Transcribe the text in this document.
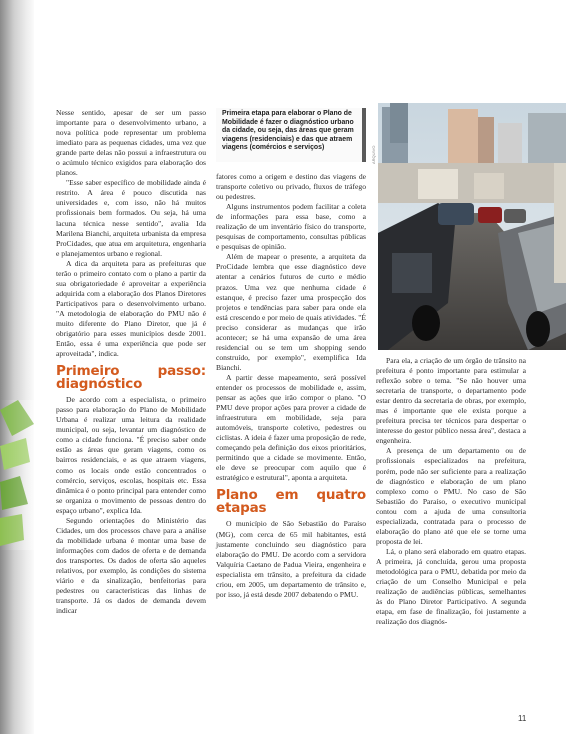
Nesse sentido, apesar de ser um passo importante para o desenvolvimento urbano, a nova política pode representar um problema imediato para as pequenas cidades, uma vez que grande parte delas não possui a infraestrutura ou o acúmulo técnico exigidos para elaboração dos planos.

"Esse saber específico de mobilidade ainda é restrito. A área é pouco discutida nas universidades e, com isso, não há muitos profissionais bem formados. Ou seja, há uma lacuna técnica nesse sentido", avalia Ida Marilena Bianchi, arquiteta urbanista da empresa ProCidades, que atua em arquitetura, engenharia e planejamentos urbano e regional.

A dica da arquiteta para as prefeituras que terão o primeiro contato com o plano a partir da sua obrigatoriedade é aproveitar a experiência adquirida com a elaboração dos Planos Diretores Participativos para o desenvolvimento urbano. "A metodologia de elaboração do PMU não é muito diferente do Plano Diretor, que já é obrigatório para esses municípios desde 2001. Então, essa é uma experiência que pode ser aproveitada", indica.

Primeiro passo: diagnóstico

De acordo com a especialista, o primeiro passo para elaboração do Plano de Mobilidade Urbana é realizar uma leitura da realidade municipal, ou seja, levantar um diagnóstico de como a cidade funciona. "É preciso saber onde estão as áreas que geram viagens, como os bairros residenciais, e as que atraem viagens, como os locais onde estão concentrados o comércio, serviços, escolas, hospitais etc. Essa dinâmica é o ponto principal para entender como se organiza o movimento de pessoas dentro do espaço urbano", explica Ida.

Segundo orientações do Ministério das Cidades, um dos processos chave para a análise da mobilidade urbana é montar uma base de informações com dados de oferta e de demanda dos transportes. Os dados de oferta são aqueles relativos, por exemplo, às condições do sistema viário e da sinalização, benfeitorias para pedestres ou características das linhas de transporte. Já os dados de demanda devem indicar

Primeira etapa para elaborar o Plano de Mobilidade é fazer o diagnóstico urbano da cidade, ou seja, das áreas que geram viagens (residenciais) e das que atraem viagens (comércios e serviços)

fatores como a origem e destino das viagens de transporte coletivo ou privado, fluxos de tráfego ou pedestres.

Alguns instrumentos podem facilitar a coleta de informações para essa base, como a realização de um inventário físico do transporte, pesquisas de comportamento, consultas públicas e pesquisas de opinião.

Além de mapear o presente, a arquiteta da ProCidade lembra que esse diagnóstico deve atentar a cenários futuros de curto e médio prazos. Uma vez que nenhuma cidade é estanque, é preciso fazer uma prospecção dos projetos e tendências para saber para onde ela está crescendo e por meio de quais atividades. "É preciso considerar as mudanças que irão acontecer; se há uma expansão de uma área residencial ou se tem um shopping sendo construído, por exemplo", exemplifica Ida Bianchi.

A partir desse mapeamento, será possível entender os processos de mobilidade e, assim, pensar as ações que irão compor o plano. "O PMU deve propor ações para prover a cidade de infraestrutura em mobilidade, seja para automóveis, transporte coletivo, pedestres ou ciclistas. A ideia é fazer uma proposição de rede, começando pela definição dos eixos prioritários, permitindo que a cidade se movimente. Então, ele deve se preocupar com aquilo que é estratégico e estrutural", aponta a arquiteta.

Plano em quatro etapas

O município de São Sebastião do Paraíso (MG), com cerca de 65 mil habitantes, está justamente concluindo seu diagnóstico para elaboração do PMU. De acordo com a servidora Valquíria Caetano de Padua Vieira, engenheira e especialista em trânsito, a prefeitura da cidade criou, em 2005, um departamento de trânsito e, por isso, já está desde 2007 debatendo o PMU.

ARQUIVO

Para ela, a criação de um órgão de trânsito na prefeitura é ponto importante para estimular a reflexão sobre o tema. "Se não houver uma secretaria de transporte, o departamento pode estar dentro da secretaria de obras, por exemplo, mas é importante que ele exista porque a prefeitura precisa ter técnicos para despertar o interesse do gestor público nessa área", destaca a engenheira.

A presença de um departamento ou de profissionais especializados na prefeitura, porém, pode não ser suficiente para a realização de diagnóstico e elaboração de um plano complexo como o PMU. No caso de São Sebastião do Paraíso, o executivo municipal contou com a ajuda de uma consultoria especializada, contratada para o processo de elaboração do plano até que ele se torne uma proposta de lei.

Lá, o plano será elaborado em quatro etapas. A primeira, já concluída, gerou uma proposta metodológica para o PMU, debatida por meio da criação de um Conselho Municipal e pela realização de audiências públicas, semelhantes às do Plano Diretor Participativo. A segunda etapa, em fase de finalização, foi justamente a realização dos diagnós-

11
